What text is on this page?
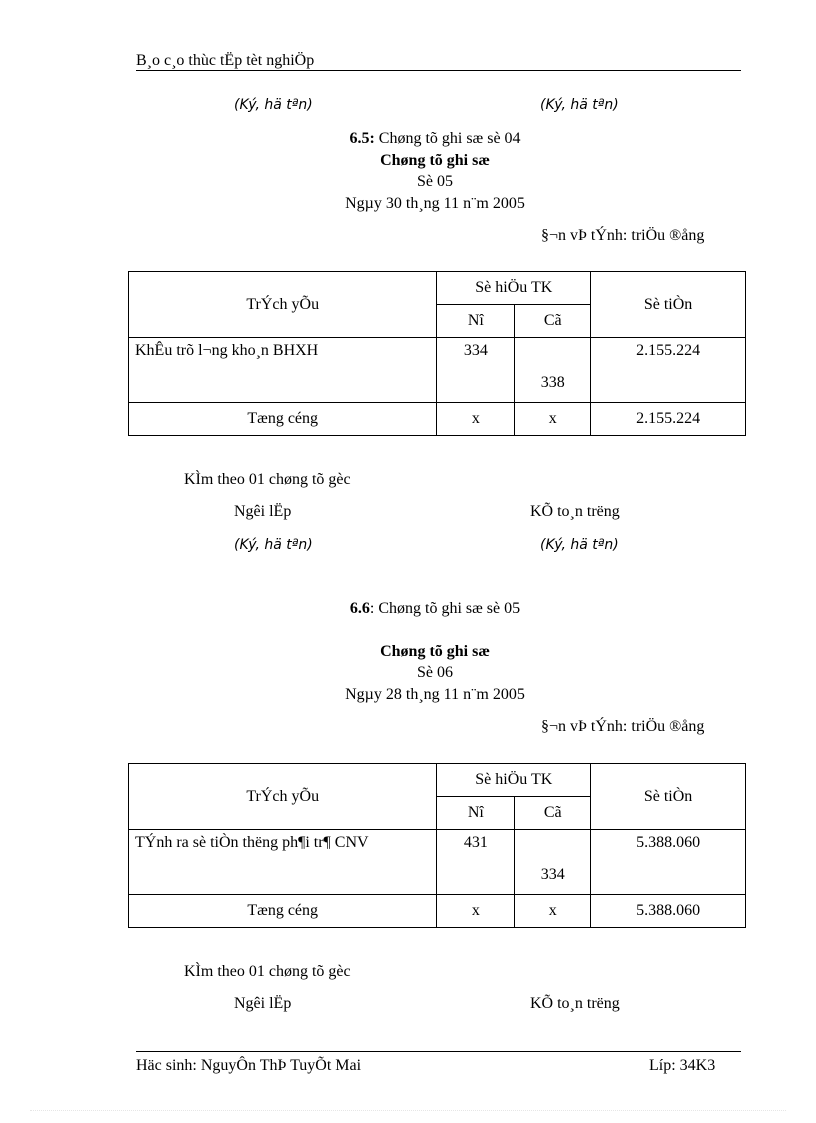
B¸o c¸o thùc tËp tèt nghiÖp
(Ký, hä tªn)	(Ký, hä tªn)
6.5: Chøng tõ ghi sæ sè 04
Chøng tõ ghi sæ
Sè 05
Ngµy 30 th¸ng 11 n¨m 2005
§¬n vÞ tÝnh: triÖu ®ång
TrÝch yÕu	Sè hiÖu TK		Sè tiÒn
	Nî	Cã	
KhÊu trõ l¬ng kho¸n BHXH	334	338	2.155.224
Tæng céng	x	x	2.155.224
KÌm theo 01 chøng tõ gèc
Ngêi lËp	KÕ to¸n trëng
(Ký, hä tªn)	(Ký, hä tªn)
6.6: Chøng tõ ghi sæ sè 05
Chøng tõ ghi sæ
Sè 06
Ngµy 28 th¸ng 11 n¨m 2005
§¬n vÞ tÝnh: triÖu ®ång
TrÝch yÕu	Sè hiÖu TK		Sè tiÒn
	Nî	Cã	
TÝnh ra sè tiÒn thëng ph¶i tr¶ CNV	431	334	5.388.060
Tæng céng	x	x	5.388.060
KÌm theo 01 chøng tõ gèc
Ngêi lËp	KÕ to¸n trëng
Häc sinh: NguyÔn ThÞ TuyÕt Mai	Líp: 34K3
